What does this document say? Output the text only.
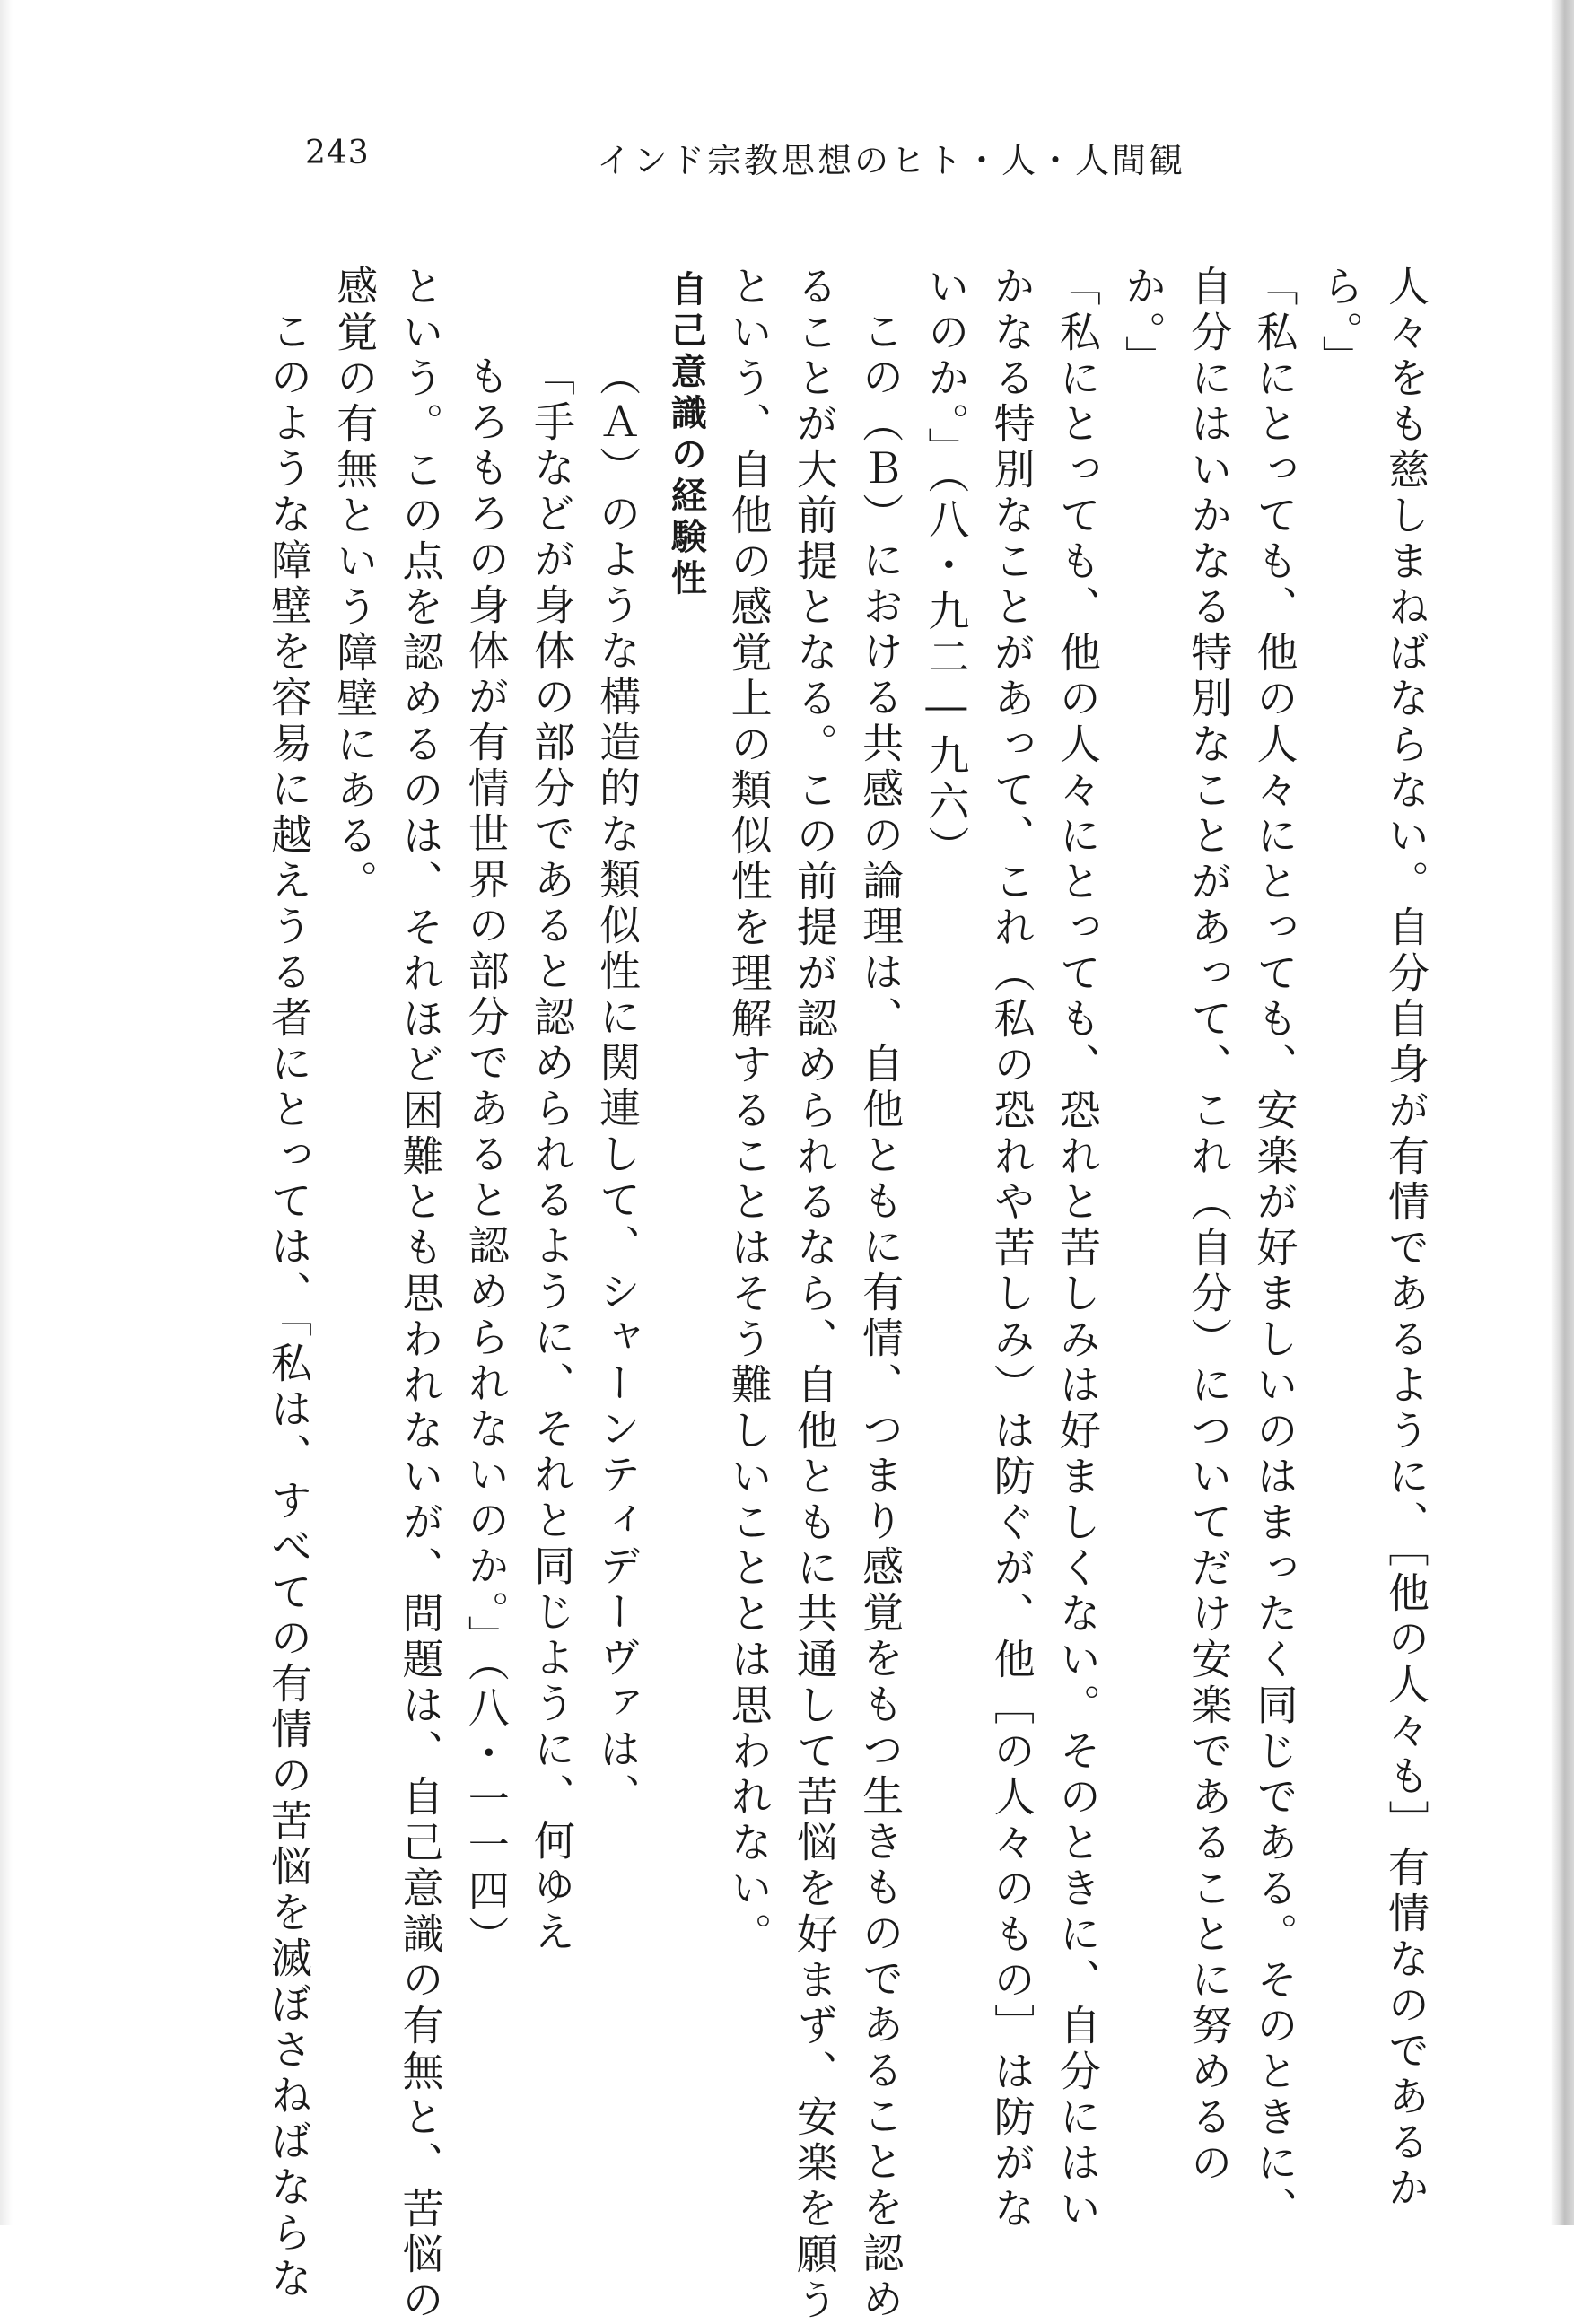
243	インド宗教思想のヒト・人・人間観
人々をも慈しまねばならない。自分自身が有情であるように、［他の人々も］有情なのであるか
ら。」
「私にとっても、他の人々にとっても、安楽が好ましいのはまったく同じである。そのときに、
自分にはいかなる特別なことがあって、これ（自分）についてだけ安楽であることに努めるの
か。」
「私にとっても、他の人々にとっても、恐れと苦しみは好ましくない。そのときに、自分にはい
かなる特別なことがあって、これ（私の恐れや苦しみ）は防ぐが、他［の人々のもの］は防がな
いのか。」（八・九二―九六）
この（Ｂ）における共感の論理は、自他ともに有情、つまり感覚をもつ生きものであることを認め
ることが大前提となる。この前提が認められるなら、自他ともに共通して苦悩を好まず、安楽を願う
という、自他の感覚上の類似性を理解することはそう難しいこととは思われない。
自己意識の経験性
（Ａ）のような構造的な類似性に関連して、シャーンティデーヴァは、
「手などが身体の部分であると認められるように、それと同じように、何ゆえ
もろもろの身体が有情世界の部分であると認められないのか。」（八・一一四）
という。この点を認めるのは、それほど困難とも思われないが、問題は、自己意識の有無と、苦悩の
感覚の有無という障壁にある。
このような障壁を容易に越えうる者にとっては、「私は、すべての有情の苦悩を滅ぼさねばならな
